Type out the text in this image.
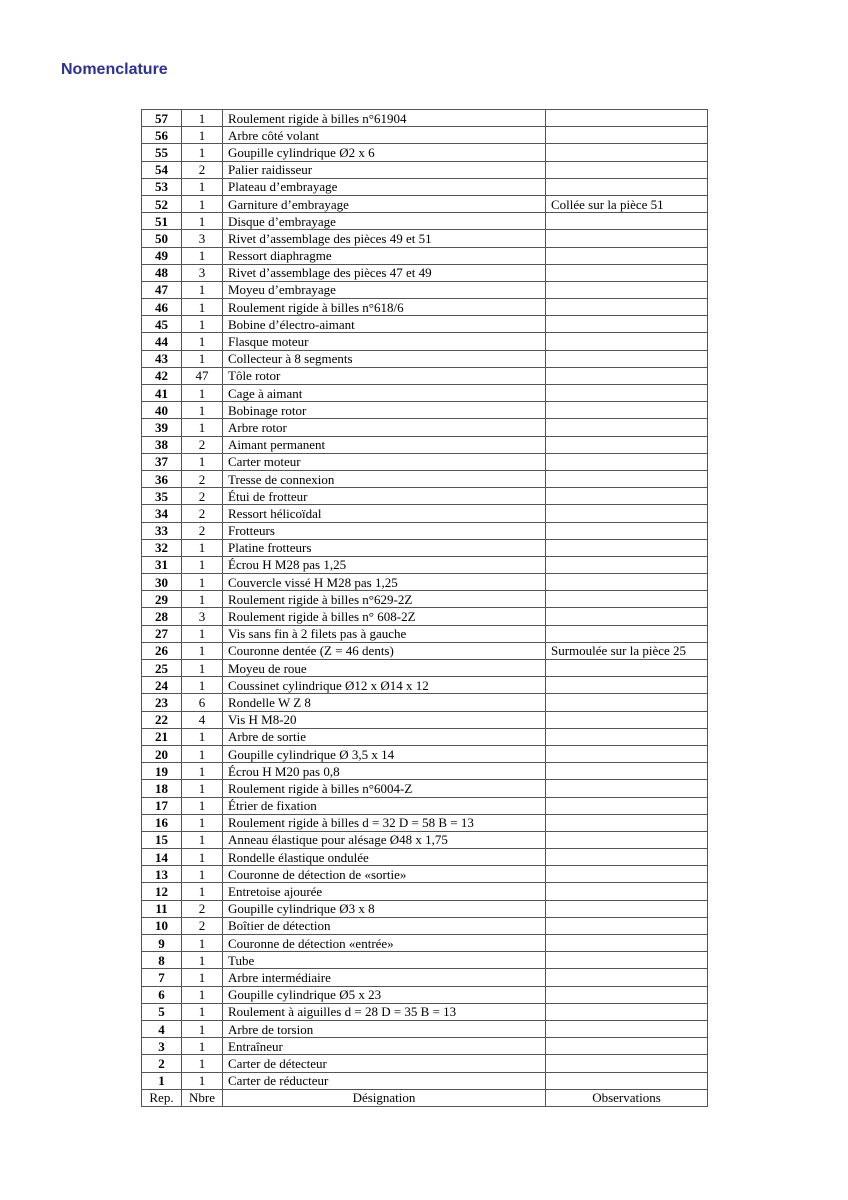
Nomenclature
57	1	Roulement rigide à billes n°61904	
56	1	Arbre côté volant	
55	1	Goupille cylindrique Ø2 x 6	
54	2	Palier raidisseur	
53	1	Plateau d’embrayage	
52	1	Garniture d’embrayage	Collée sur la pièce 51
51	1	Disque d’embrayage	
50	3	Rivet d’assemblage des pièces 49 et 51	
49	1	Ressort diaphragme	
48	3	Rivet d’assemblage des pièces 47 et 49	
47	1	Moyeu d’embrayage	
46	1	Roulement rigide à billes n°618/6	
45	1	Bobine d’électro-aimant	
44	1	Flasque moteur	
43	1	Collecteur à 8 segments	
42	47	Tôle rotor	
41	1	Cage à aimant	
40	1	Bobinage rotor	
39	1	Arbre rotor	
38	2	Aimant permanent	
37	1	Carter moteur	
36	2	Tresse de connexion	
35	2	Étui de frotteur	
34	2	Ressort hélicoïdal	
33	2	Frotteurs	
32	1	Platine frotteurs	
31	1	Écrou H M28 pas 1,25	
30	1	Couvercle vissé H M28 pas 1,25	
29	1	Roulement rigide à billes n°629-2Z	
28	3	Roulement rigide à billes n° 608-2Z	
27	1	Vis sans fin à 2 filets pas à gauche	
26	1	Couronne dentée (Z = 46 dents)	Surmoulée sur la pièce 25
25	1	Moyeu de roue	
24	1	Coussinet cylindrique Ø12 x Ø14 x 12	
23	6	Rondelle W Z 8	
22	4	Vis H M8-20	
21	1	Arbre de sortie	
20	1	Goupille cylindrique Ø 3,5 x 14	
19	1	Écrou H M20 pas 0,8	
18	1	Roulement rigide à billes n°6004-Z	
17	1	Étrier de fixation	
16	1	Roulement rigide à billes d = 32 D = 58 B = 13	
15	1	Anneau élastique pour alésage Ø48 x 1,75	
14	1	Rondelle élastique ondulée	
13	1	Couronne de détection de «sortie»	
12	1	Entretoise ajourée	
11	2	Goupille cylindrique Ø3 x 8	
10	2	Boîtier de détection	
9	1	Couronne de détection «entrée»	
8	1	Tube	
7	1	Arbre intermédiaire	
6	1	Goupille cylindrique Ø5 x 23	
5	1	Roulement à aiguilles d = 28 D = 35 B = 13	
4	1	Arbre de torsion	
3	1	Entraîneur	
2	1	Carter de détecteur	
1	1	Carter de réducteur	
Rep.	Nbre	Désignation	Observations
